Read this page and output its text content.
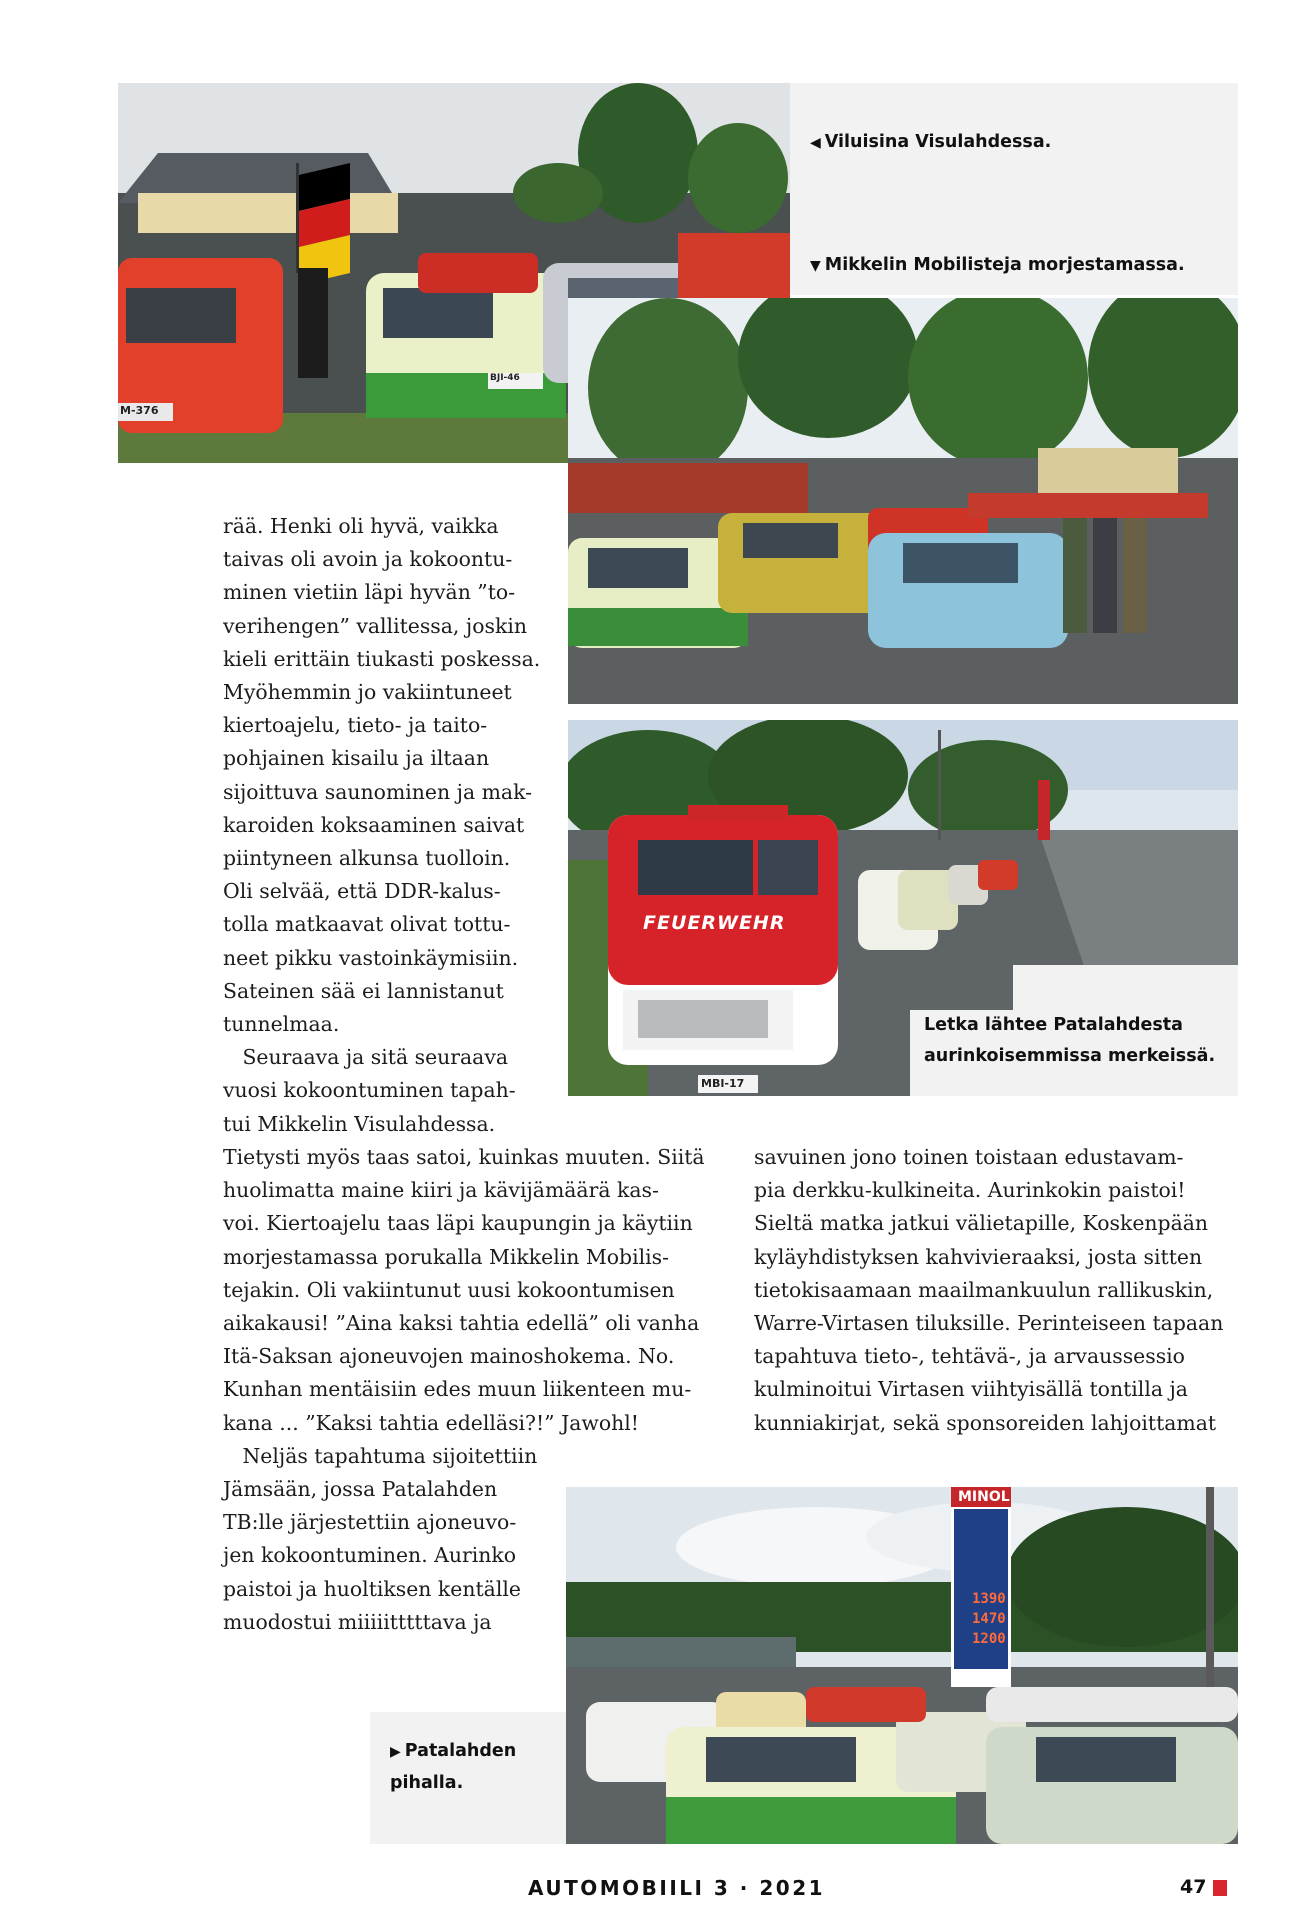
BJI-46
M-376
◀ Viluisina Visulahdessa.
▼ Mikkelin Mobilisteja morjestamassa.
FEUERWEHR
MBI-17
Letka lähtee Patalahdesta
aurinkoisemmissa merkeissä.
MINOL
1390
1470
1200
▶ Patalahden
pihalla.

rää. Henki oli hyvä, vaikka

taivas oli avoin ja kokoontu-

minen vietiin läpi hyvän ”to-

verihengen” vallitessa, joskin

kieli erittäin tiukasti poskessa.

Myöhemmin jo vakiintuneet

kiertoajelu, tieto- ja taito-

pohjainen kisailu ja iltaan

sijoittuva saunominen ja mak-

karoiden koksaaminen saivat

piintyneen alkunsa tuolloin.

Oli selvää, että DDR-kalus-

tolla matkaavat olivat tottu-

neet pikku vastoinkäymisiin.

Sateinen sää ei lannistanut

tunnelmaa.

Seuraava ja sitä seuraava

vuosi kokoontuminen tapah-

tui Mikkelin Visulahdessa.

Tietysti myös taas satoi, kuinkas muuten. Siitä

huolimatta maine kiiri ja kävijämäärä kas-

voi. Kiertoajelu taas läpi kaupungin ja käytiin

morjestamassa porukalla Mikkelin Mobilis-

tejakin. Oli vakiintunut uusi kokoontumisen

aikakausi! ”Aina kaksi tahtia edellä” oli vanha

Itä-Saksan ajoneuvojen mainoshokema. No.

Kunhan mentäisiin edes muun liikenteen mu-

kana ... ”Kaksi tahtia edelläsi?!” Jawohl!

Neljäs tapahtuma sijoitettiin

Jämsään, jossa Patalahden

TB:lle järjestettiin ajoneuvo-

jen kokoontuminen. Aurinko

paistoi ja huoltiksen kentälle

muodostui miiiiitttttava ja

savuinen jono toinen toistaan edustavam-

pia derkku-kulkineita. Aurinkokin paistoi!

Sieltä matka jatkui välietapille, Koskenpään

kyläyhdistyksen kahvivieraaksi, josta sitten

tietokisaamaan maailmankuulun rallikuskin,

Warre-Virtasen tiluksille. Perinteiseen tapaan

tapahtuva tieto-, tehtävä-, ja arvaussessio

kulminoitui Virtasen viihtyisällä tontilla ja

kunniakirjat, sekä sponsoreiden lahjoittamat

AUTOMOBIILI 3 · 2021	47
